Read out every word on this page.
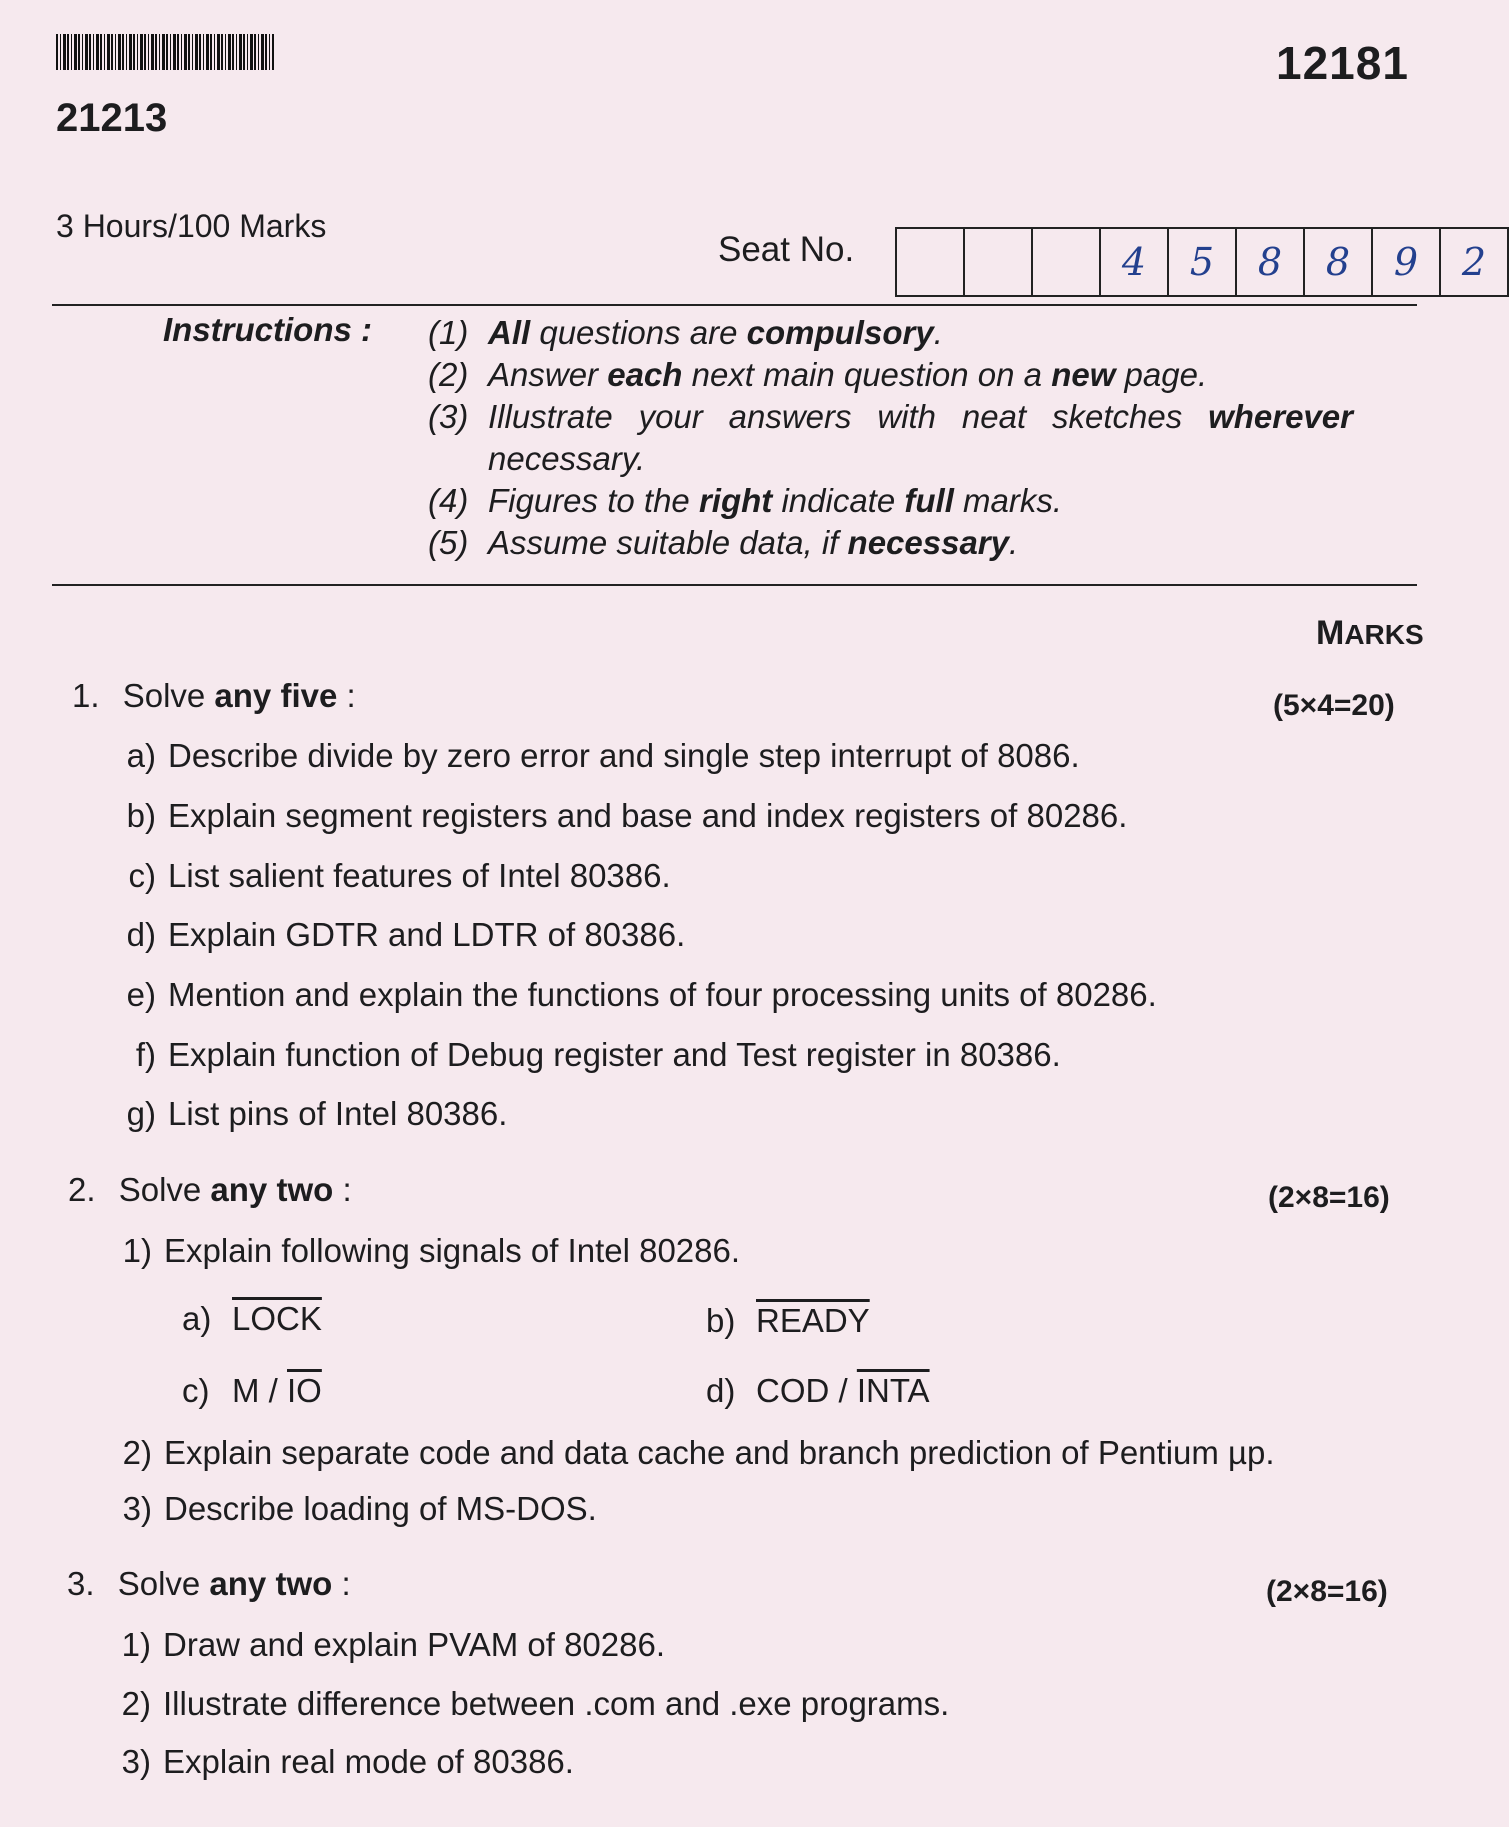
12181
21213
3 Hours/100 Marks
Seat No.	4	5	8	8	9	2
Instructions : (1) All questions are compulsory.
(2) Answer each next main question on a new page.
(3) Illustrate your answers with neat sketches wherever necessary.
(4) Figures to the right indicate full marks.
(5) Assume suitable data, if necessary.
MARKS
1. Solve any five :	(5×4=20)
a) Describe divide by zero error and single step interrupt of 8086.
b) Explain segment registers and base and index registers of 80286.
c) List salient features of Intel 80386.
d) Explain GDTR and LDTR of 80386.
e) Mention and explain the functions of four processing units of 80286.
f) Explain function of Debug register and Test register in 80386.
g) List pins of Intel 80386.
2. Solve any two :	(2×8=16)
1) Explain following signals of Intel 80286.
a) LOCK	b) READY
c) M / $\overline{IO}$	d) COD / INTA
2) Explain separate code and data cache and branch prediction of Pentium µp.
3) Describe loading of MS-DOS.
3. Solve any two :	(2×8=16)
1) Draw and explain PVAM of 80286.
2) Illustrate difference between .com and .exe programs.
3) Explain real mode of 80386.
